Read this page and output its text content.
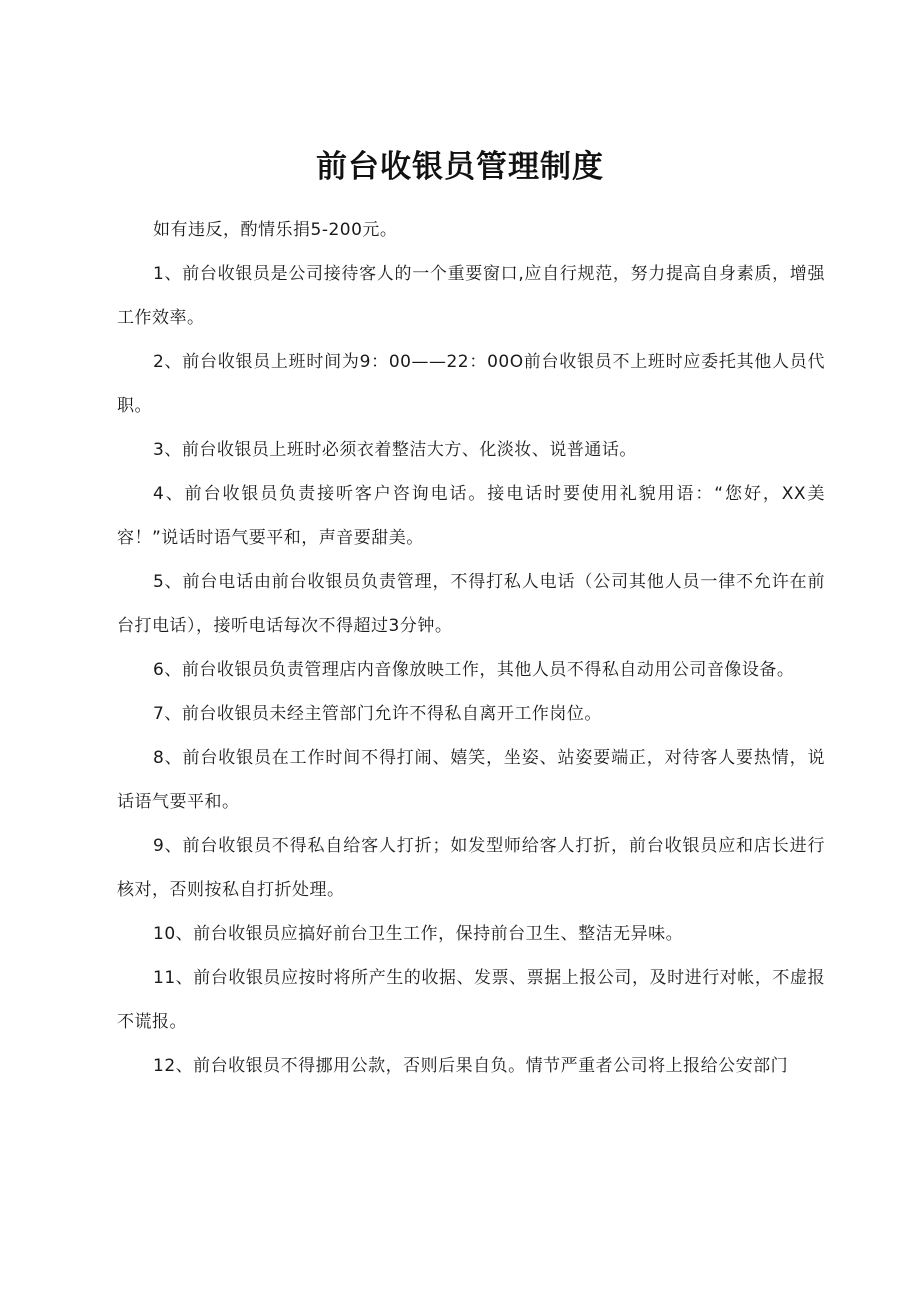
前台收银员管理制度

如有违反，酌情乐捐5-200元。

1、前台收银员是公司接待客人的一个重要窗口,应自行规范，努力提高自身素质，增强工作效率。

2、前台收银员上班时间为9：00——22：00O前台收银员不上班时应委托其他人员代职。

3、前台收银员上班时必须衣着整洁大方、化淡妆、说普通话。

4、前台收银员负责接听客户咨询电话。接电话时要使用礼貌用语：“您好，XX美容！”说话时语气要平和，声音要甜美。

5、前台电话由前台收银员负责管理，不得打私人电话（公司其他人员一律不允许在前台打电话），接听电话每次不得超过3分钟。

6、前台收银员负责管理店内音像放映工作，其他人员不得私自动用公司音像设备。

7、前台收银员未经主管部门允许不得私自离开工作岗位。

8、前台收银员在工作时间不得打闹、嬉笑，坐姿、站姿要端正，对待客人要热情，说话语气要平和。

9、前台收银员不得私自给客人打折；如发型师给客人打折，前台收银员应和店长进行核对，否则按私自打折处理。

10、前台收银员应搞好前台卫生工作，保持前台卫生、整洁无异味。

11、前台收银员应按时将所产生的收据、发票、票据上报公司，及时进行对帐，不虚报不谎报。

12、前台收银员不得挪用公款，否则后果自负。情节严重者公司将上报给公安部门
